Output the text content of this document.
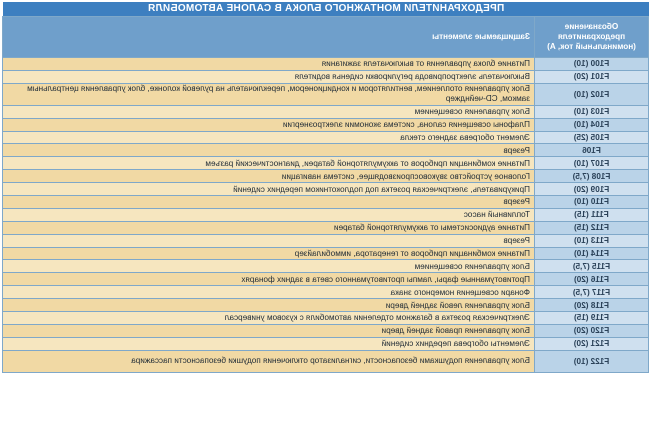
ПРЕДОХРАНИТЕЛИ МОНТАЖНОГО БЛОКА В САЛОНЕ АВТОМОБИЛЯ
Обозначение предохранителя (номинальный ток, А)	Защищаемые элементы
F100 (10)	Питание блока управления от выключателя зажигания
F101 (20)	Выключатель электропривода регулировки сиденья водителя
F102 (10)	Блок управления отоплением, вентилятором и кондиционером, переключатель на рулевой колонке, блок управления центральным замком, CD-чейнджер
F103 (10)	Блок управления освещением
F104 (10)	Плафоны освещения салона, система экономии электроэнергии
F105 (25)	Элемент обогрева заднего стекла
F106	Резерв
F107 (10)	Питание комбинации приборов от аккумуляторной батареи, диагностический разъем
F108 (7,5)	Головное устройство звуковоспроизводящее, система навигации
F109 (20)	Прикуриватель, электрическая розетка под подлокотником передних сидений
F110 (10)	Резерв
F111 (15)	Топливный насос
F112 (15)	Питание аудиосистемы от аккумуляторной батареи
F113 (10)	Резерв
F114 (10)	Питание комбинации приборов от генератора, иммобилайзер
F115 (7,5)	Блок управления освещением
F116 (20)	Противотуманные фары, лампы противотуманного света в задних фонарях
F117 (7,5)	Фонари освещения номерного знака
F118 (20)	Блок управления левой задней двери
F119 (15)	Электрическая розетка в багажном отделении автомобиля с кузовом универсал
F120 (20)	Блок управления правой задней двери
F121 (20)	Элементы обогрева передних сидений
F122 (10)	Блок управления подушками безопасности, сигнализатор отключения подушки безопасности пассажира
